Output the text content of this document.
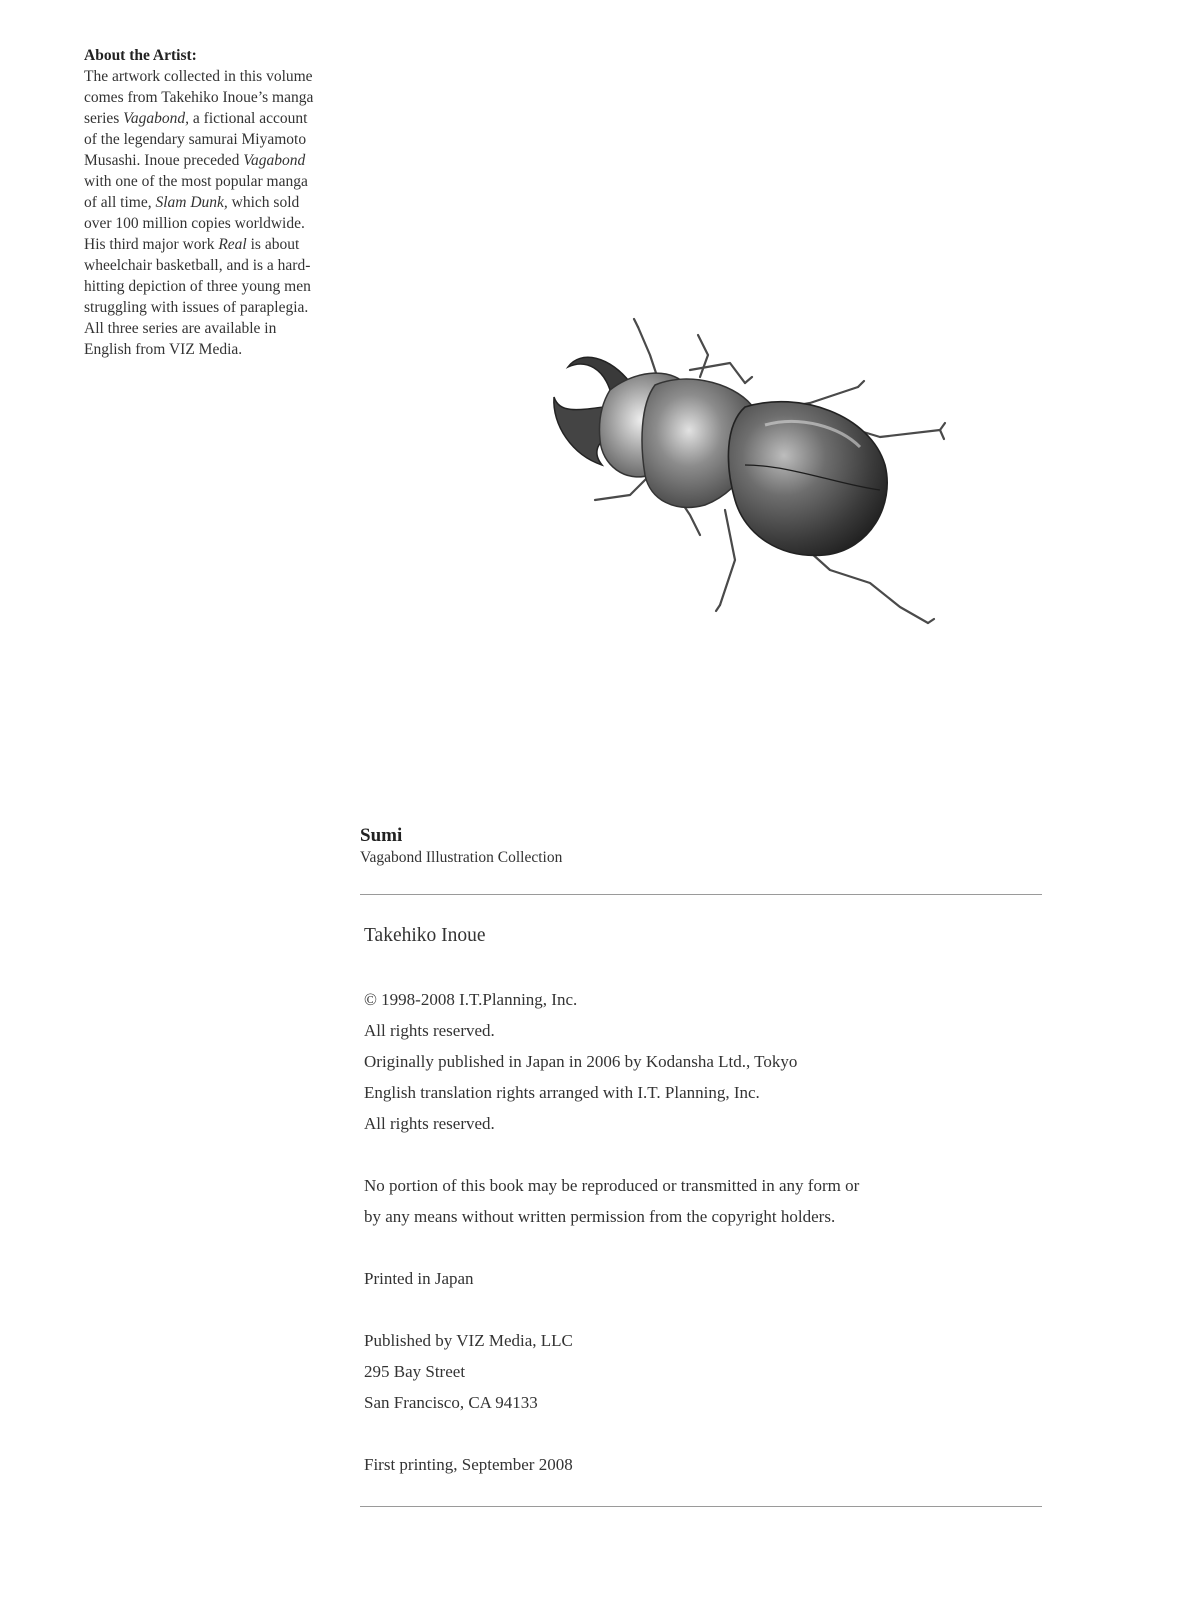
About the Artist:
The artwork collected in this volume
comes from Takehiko Inoue’s manga
series Vagabond, a fictional account
of the legendary samurai Miyamoto
Musashi. Inoue preceded Vagabond
with one of the most popular manga
of all time, Slam Dunk, which sold
over 100 million copies worldwide.
His third major work Real is about
wheelchair basketball, and is a hard-
hitting depiction of three young men
struggling with issues of paraplegia.
All three series are available in
English from VIZ Media.
Sumi
Vagabond Illustration Collection
Takehiko Inoue
© 1998-2008 I.T.Planning, Inc.
All rights reserved.
Originally published in Japan in 2006 by Kodansha Ltd., Tokyo
English translation rights arranged with I.T. Planning, Inc.
All rights reserved.
No portion of this book may be reproduced or transmitted in any form or
by any means without written permission from the copyright holders.
Printed in Japan
Published by VIZ Media, LLC
295 Bay Street
San Francisco, CA 94133
First printing, September 2008
